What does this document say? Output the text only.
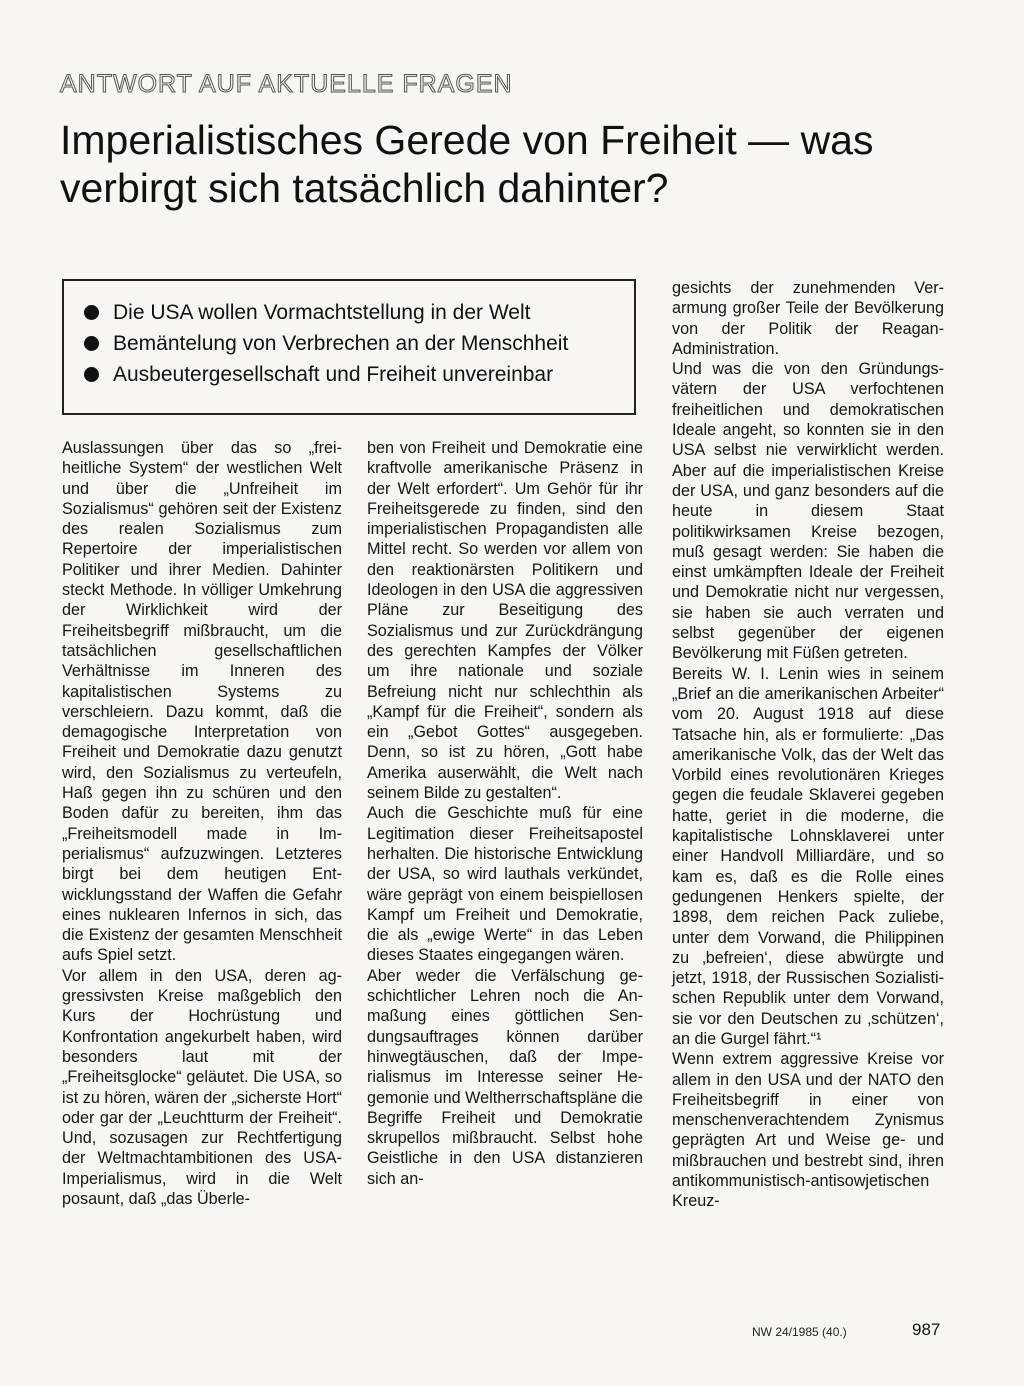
ANTWORT AUF AKTUELLE FRAGEN
Imperialistisches Gerede von Freiheit — was verbirgt sich tatsächlich dahinter?
Die USA wollen Vormachtstellung in der Welt
Bemäntelung von Verbrechen an der Menschheit
Ausbeutergesellschaft und Freiheit unvereinbar

Auslassungen über das so „freiheitliche System“ der westlichen Welt und über die „Unfreiheit im Sozialismus“ gehören seit der Existenz des realen Sozialismus zum Repertoire der imperialistischen Politiker und ihrer Medien. Dahinter steckt Methode. In völliger Umkehrung der Wirklichkeit wird der Freiheitsbegriff mißbraucht, um die tatsächlichen gesellschaftlichen Verhältnisse im Inneren des kapitalistischen Systems zu verschleiern. Dazu kommt, daß die demagogische Interpretation von Freiheit und Demokratie dazu genutzt wird, den Sozialismus zu verteufeln, Haß gegen ihn zu schüren und den Boden dafür zu bereiten, ihm das „Freiheitsmodell made in Imperialismus“ aufzuzwingen. Letzteres birgt bei dem heutigen Entwicklungsstand der Waffen die Gefahr eines nuklearen Infernos in sich, das die Existenz der gesamten Menschheit aufs Spiel setzt.

Vor allem in den USA, deren aggressivsten Kreise maßgeblich den Kurs der Hochrüstung und Konfrontation angekurbelt haben, wird besonders laut mit der „Freiheitsglocke“ geläutet. Die USA, so ist zu hören, wären der „sicherste Hort“ oder gar der „Leuchtturm der Freiheit“. Und, sozusagen zur Rechtfertigung der Weltmachtambitionen des USA-Imperialismus, wird in die Welt posaunt, daß „das Überle-

ben von Freiheit und Demokratie eine kraftvolle amerikanische Präsenz in der Welt erfordert“. Um Gehör für ihr Freiheitsgerede zu finden, sind den imperialistischen Propagandisten alle Mittel recht. So werden vor allem von den reaktionärsten Politikern und Ideologen in den USA die aggressiven Pläne zur Beseitigung des Sozialismus und zur Zurückdrängung des gerechten Kampfes der Völker um ihre nationale und soziale Befreiung nicht nur schlechthin als „Kampf für die Freiheit“, sondern als ein „Gebot Gottes“ ausgegeben. Denn, so ist zu hören, „Gott habe Amerika auserwählt, die Welt nach seinem Bilde zu gestalten“.

Auch die Geschichte muß für eine Legitimation dieser Freiheitsapostel herhalten. Die historische Entwicklung der USA, so wird lauthals verkündet, wäre geprägt von einem beispiellosen Kampf um Freiheit und Demokratie, die als „ewige Werte“ in das Leben dieses Staates eingegangen wären.

Aber weder die Verfälschung geschichtlicher Lehren noch die Anmaßung eines göttlichen Sendungsauftrages können darüber hinwegtäuschen, daß der Imperialismus im Interesse seiner Hegemonie und Weltherrschaftspläne die Begriffe Freiheit und Demokratie skrupellos mißbraucht. Selbst hohe Geistliche in den USA distanzieren sich an-

gesichts der zunehmenden Verarmung großer Teile der Bevölkerung von der Politik der Reagan-Administration.

Und was die von den Gründungsvätern der USA verfochtenen freiheitlichen und demokratischen Ideale angeht, so konnten sie in den USA selbst nie verwirklicht werden. Aber auf die imperialistischen Kreise der USA, und ganz besonders auf die heute in diesem Staat politikwirksamen Kreise bezogen, muß gesagt werden: Sie haben die einst umkämpften Ideale der Freiheit und Demokratie nicht nur vergessen, sie haben sie auch verraten und selbst gegenüber der eigenen Bevölkerung mit Füßen getreten.

Bereits W. I. Lenin wies in seinem „Brief an die amerikanischen Arbeiter“ vom 20. August 1918 auf diese Tatsache hin, als er formulierte: „Das amerikanische Volk, das der Welt das Vorbild eines revolutionären Krieges gegen die feudale Sklaverei gegeben hatte, geriet in die moderne, die kapitalistische Lohnsklaverei unter einer Handvoll Milliardäre, und so kam es, daß es die Rolle eines gedungenen Henkers spielte, der 1898, dem reichen Pack zuliebe, unter dem Vorwand, die Philippinen zu ‚befreien‘, diese abwürgte und jetzt, 1918, der Russischen Sozialistischen Republik unter dem Vorwand, sie vor den Deutschen zu ‚schützen‘, an die Gurgel fährt.“¹

Wenn extrem aggressive Kreise vor allem in den USA und der NATO den Freiheitsbegriff in einer von menschenverachtendem Zynismus geprägten Art und Weise ge- und mißbrauchen und bestrebt sind, ihren antikommunistisch-antisowjetischen Kreuz-

NW 24/1985 (40.)	987
